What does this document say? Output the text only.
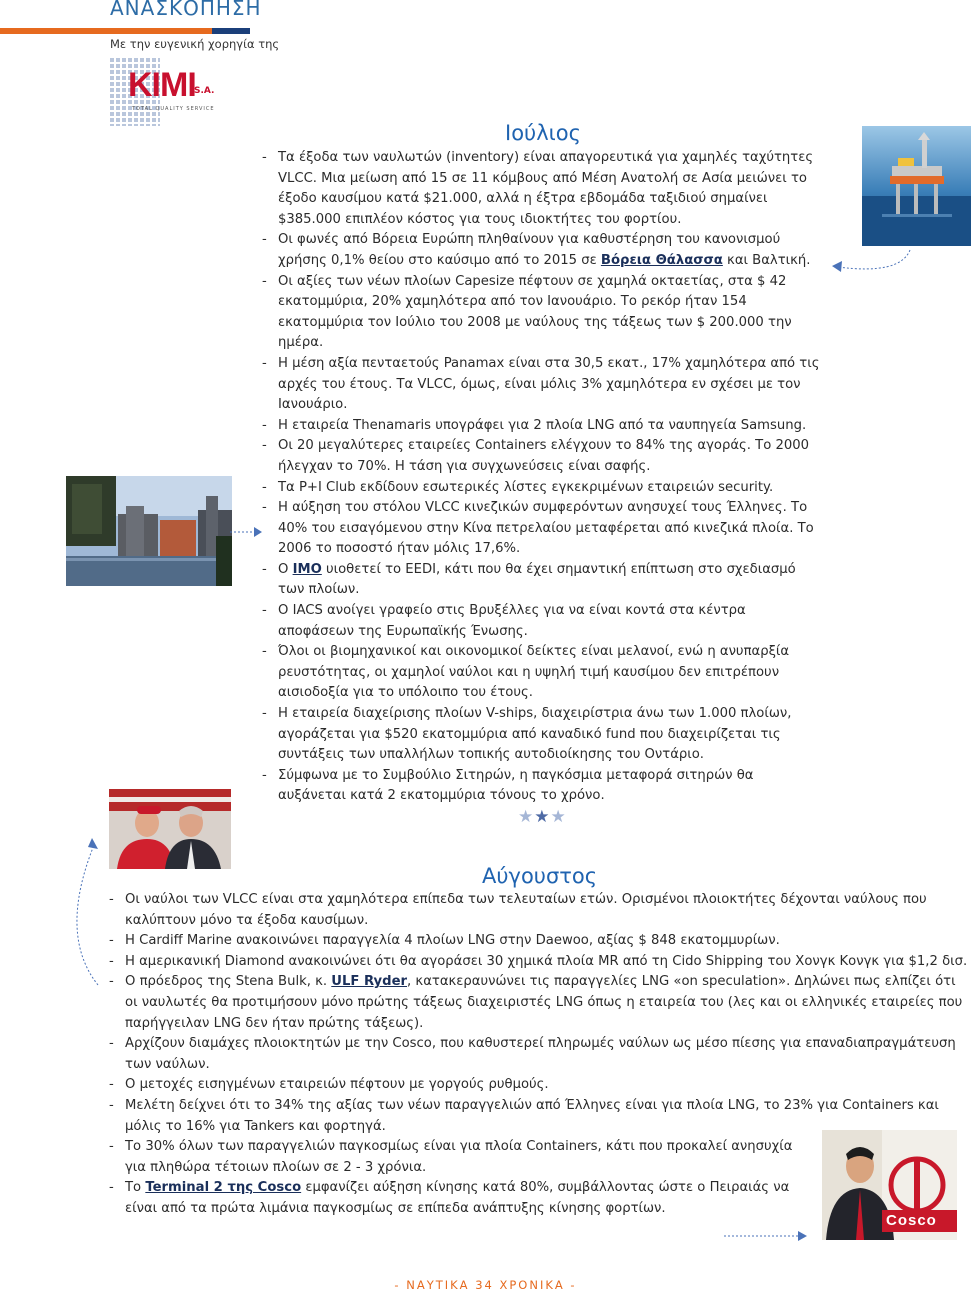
ΑΝΑΣΚΟΠΗΣΗ
Με την ευγενική χορηγία της
KIMI
S.A.
TOTAL QUALITY SERVICE
Ιούλιος
- Τα έξοδα των ναυλωτών (inventory) είναι απαγορευτικά για χαμηλές ταχύτητες VLCC. Μια μείωση από 15 σε 11 κόμβους από Μέση Ανατολή σε Ασία μειώνει το έξοδο καυσίμου κατά $21.000, αλλά η έξτρα εβδομάδα ταξιδιού σημαίνει $385.000 επιπλέον κόστος για τους ιδιοκτήτες του φορτίου.
- Οι φωνές από Βόρεια Ευρώπη πληθαίνουν για καθυστέρηση του κανονισμού χρήσης 0,1% θείου στο καύσιμο από το 2015 σε Βόρεια Θάλασσα και Βαλτική.
- Οι αξίες των νέων πλοίων Capesize πέφτουν σε χαμηλά οκταετίας, στα $ 42 εκατομμύρια, 20% χαμηλότερα από τον Ιανουάριο. Το ρεκόρ ήταν 154 εκατομμύρια τον Ιούλιο του 2008 με ναύλους της τάξεως των $ 200.000 την ημέρα.
- Η μέση αξία πενταετούς Panamax είναι στα 30,5 εκατ., 17% χαμηλότερα από τις αρχές του έτους. Τα VLCC, όμως, είναι μόλις 3% χαμηλότερα εν σχέσει με τον Ιανουάριο.
- Η εταιρεία Thenamaris υπογράφει για 2 πλοία LNG από τα ναυπηγεία Samsung.
- Οι 20 μεγαλύτερες εταιρείες Containers ελέγχουν το 84% της αγοράς. Το 2000 ήλεγχαν το 70%. Η τάση για συγχωνεύσεις είναι σαφής.
- Τα P+I Club εκδίδουν εσωτερικές λίστες εγκεκριμένων εταιρειών security.
- Η αύξηση του στόλου VLCC κινεζικών συμφερόντων ανησυχεί τους Έλληνες. Το 40% του εισαγόμενου στην Κίνα πετρελαίου μεταφέρεται από κινεζικά πλοία. Το 2006 το ποσοστό ήταν μόλις 17,6%.
- Ο IMO υιοθετεί το EEDI, κάτι που θα έχει σημαντική επίπτωση στο σχεδιασμό των πλοίων.
- Ο IACS ανοίγει γραφείο στις Βρυξέλλες για να είναι κοντά στα κέντρα αποφάσεων της Ευρωπαϊκής Ένωσης.
- Όλοι οι βιομηχανικοί και οικονομικοί δείκτες είναι μελανοί, ενώ η ανυπαρξία ρευστότητας, οι χαμηλοί ναύλοι και η υψηλή τιμή καυσίμου δεν επιτρέπουν αισιοδοξία για το υπόλοιπο του έτους.
- Η εταιρεία διαχείρισης πλοίων V-ships, διαχειρίστρια άνω των 1.000 πλοίων, αγοράζεται για $520 εκατομμύρια από καναδικό fund που διαχειρίζεται τις συντάξεις των υπαλλήλων τοπικής αυτοδιοίκησης του Οντάριο.
- Σύμφωνα με το Συμβούλιο Σιτηρών, η παγκόσμια μεταφορά σιτηρών θα αυξάνεται κατά 2 εκατομμύρια τόνους το χρόνο.
Cosco
★★★
Αύγουστος
- Οι ναύλοι των VLCC είναι στα χαμηλότερα επίπεδα των τελευταίων ετών. Ορισμένοι πλοιοκτήτες δέχονται ναύλους που καλύπτουν μόνο τα έξοδα καυσίμων.
- Η Cardiff Marine ανακοινώνει παραγγελία 4 πλοίων LNG στην Daewoo, αξίας $ 848 εκατομμυρίων.
- Η αμερικανική Diamond ανακοινώνει ότι θα αγοράσει 30 χημικά πλοία MR από τη Cido Shipping του Χονγκ Κονγκ για $1,2 δισ.
- Ο πρόεδρος της Stena Bulk, κ. ULF Ryder, κατακεραυνώνει τις παραγγελίες LNG «on speculation». Δηλώνει πως ελπίζει ότι οι ναυλωτές θα προτιμήσουν μόνο πρώτης τάξεως διαχειριστές LNG όπως η εταιρεία του (λες και οι ελληνικές εταιρείες που παρήγγειλαν LNG δεν ήταν πρώτης τάξεως).
- Αρχίζουν διαμάχες πλοιοκτητών με την Cosco, που καθυστερεί πληρωμές ναύλων ως μέσο πίεσης για επαναδιαπραγμάτευση των ναύλων.
- Ο μετοχές εισηγμένων εταιρειών πέφτουν με γοργούς ρυθμούς.
- Μελέτη δείχνει ότι το 34% της αξίας των νέων παραγγελιών από Έλληνες είναι για πλοία LNG, το 23% για Containers και μόλις το 16% για Tankers και φορτηγά.
- Το 30% όλων των παραγγελιών παγκοσμίως είναι για πλοία Containers, κάτι που προκαλεί ανησυχία για πληθώρα τέτοιων πλοίων σε 2 - 3 χρόνια.
- Το Terminal 2 της Cosco εμφανίζει αύξηση κίνησης κατά 80%, συμβάλλοντας ώστε ο Πειραιάς να είναι από τα πρώτα λιμάνια παγκοσμίως σε επίπεδα ανάπτυξης κίνησης φορτίων.
- ΝΑΥΤΙΚΑ 34 ΧΡΟΝΙΚΑ -
